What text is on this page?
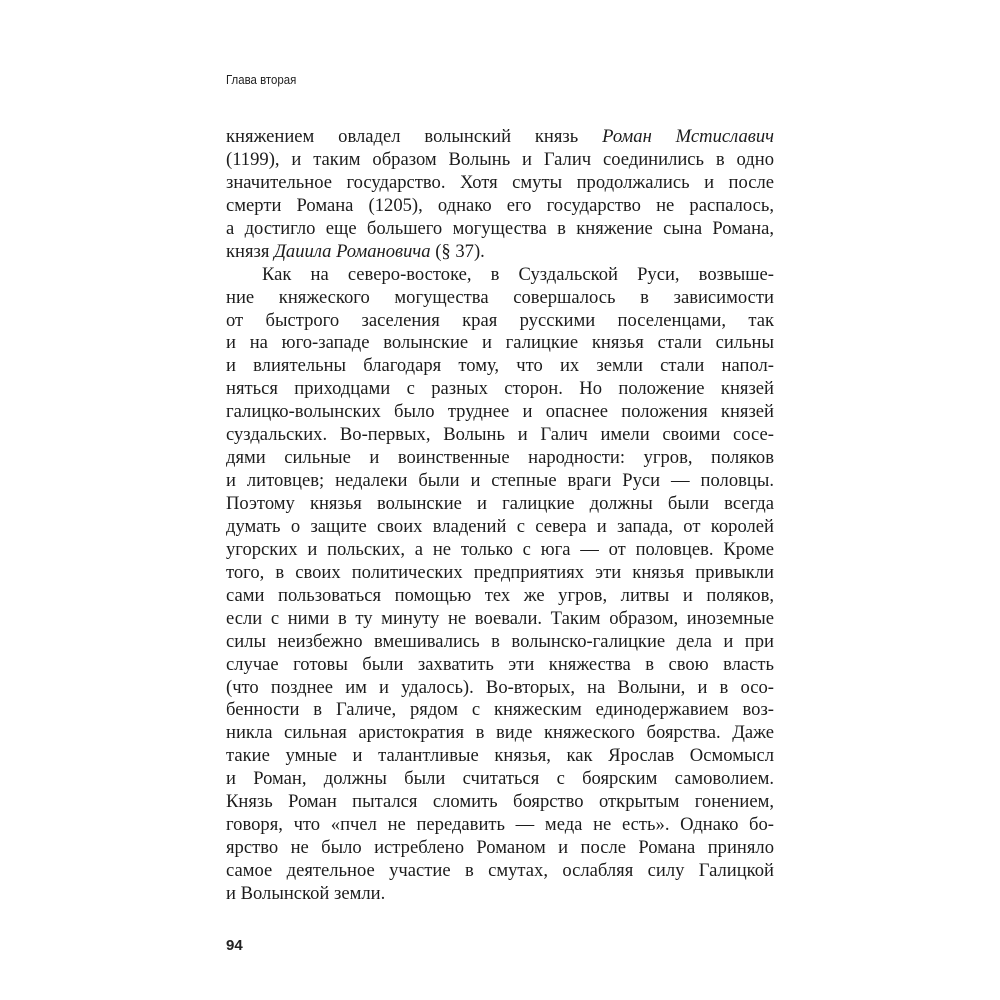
Глава вторая
княжением овладел волынский князь Роман Мстиславич
(1199), и таким образом Волынь и Галич соединились в одно
значительное государство. Хотя смуты продолжались и после
смерти Романа (1205), однако его государство не распалось,
а достигло еще большего могущества в княжение сына Романа,
князя Даиила Романовича (§ 37).
Как на северо-востоке, в Суздальской Руси, возвыше-
ние княжеского могущества совершалось в зависимости
от быстрого заселения края русскими поселенцами, так
и на юго-западе волынские и галицкие князья стали сильны
и влиятельны благодаря тому, что их земли стали напол-
няться приходцами с разных сторон. Но положение князей
галицко-волынских было труднее и опаснее положения князей
суздальских. Во-первых, Волынь и Галич имели своими сосе-
дями сильные и воинственные народности: угров, поляков
и литовцев; недалеки были и степные враги Руси — половцы.
Поэтому князья волынские и галицкие должны были всегда
думать о защите своих владений с севера и запада, от королей
угорских и польских, а не только с юга — от половцев. Кроме
того, в своих политических предприятиях эти князья привыкли
сами пользоваться помощью тех же угров, литвы и поляков,
если с ними в ту минуту не воевали. Таким образом, иноземные
силы неизбежно вмешивались в волынско-галицкие дела и при
случае готовы были захватить эти княжества в свою власть
(что позднее им и удалось). Во-вторых, на Волыни, и в осо-
бенности в Галиче, рядом с княжеским единодержавием воз-
никла сильная аристократия в виде княжеского боярства. Даже
такие умные и талантливые князья, как Ярослав Осмомысл
и Роман, должны были считаться с боярским самоволием.
Князь Роман пытался сломить боярство открытым гонением,
говоря, что «пчел не передавить — меда не есть». Однако бо-
ярство не было истреблено Романом и после Романа приняло
самое деятельное участие в смутах, ослабляя силу Галицкой
и Волынской земли.
94
